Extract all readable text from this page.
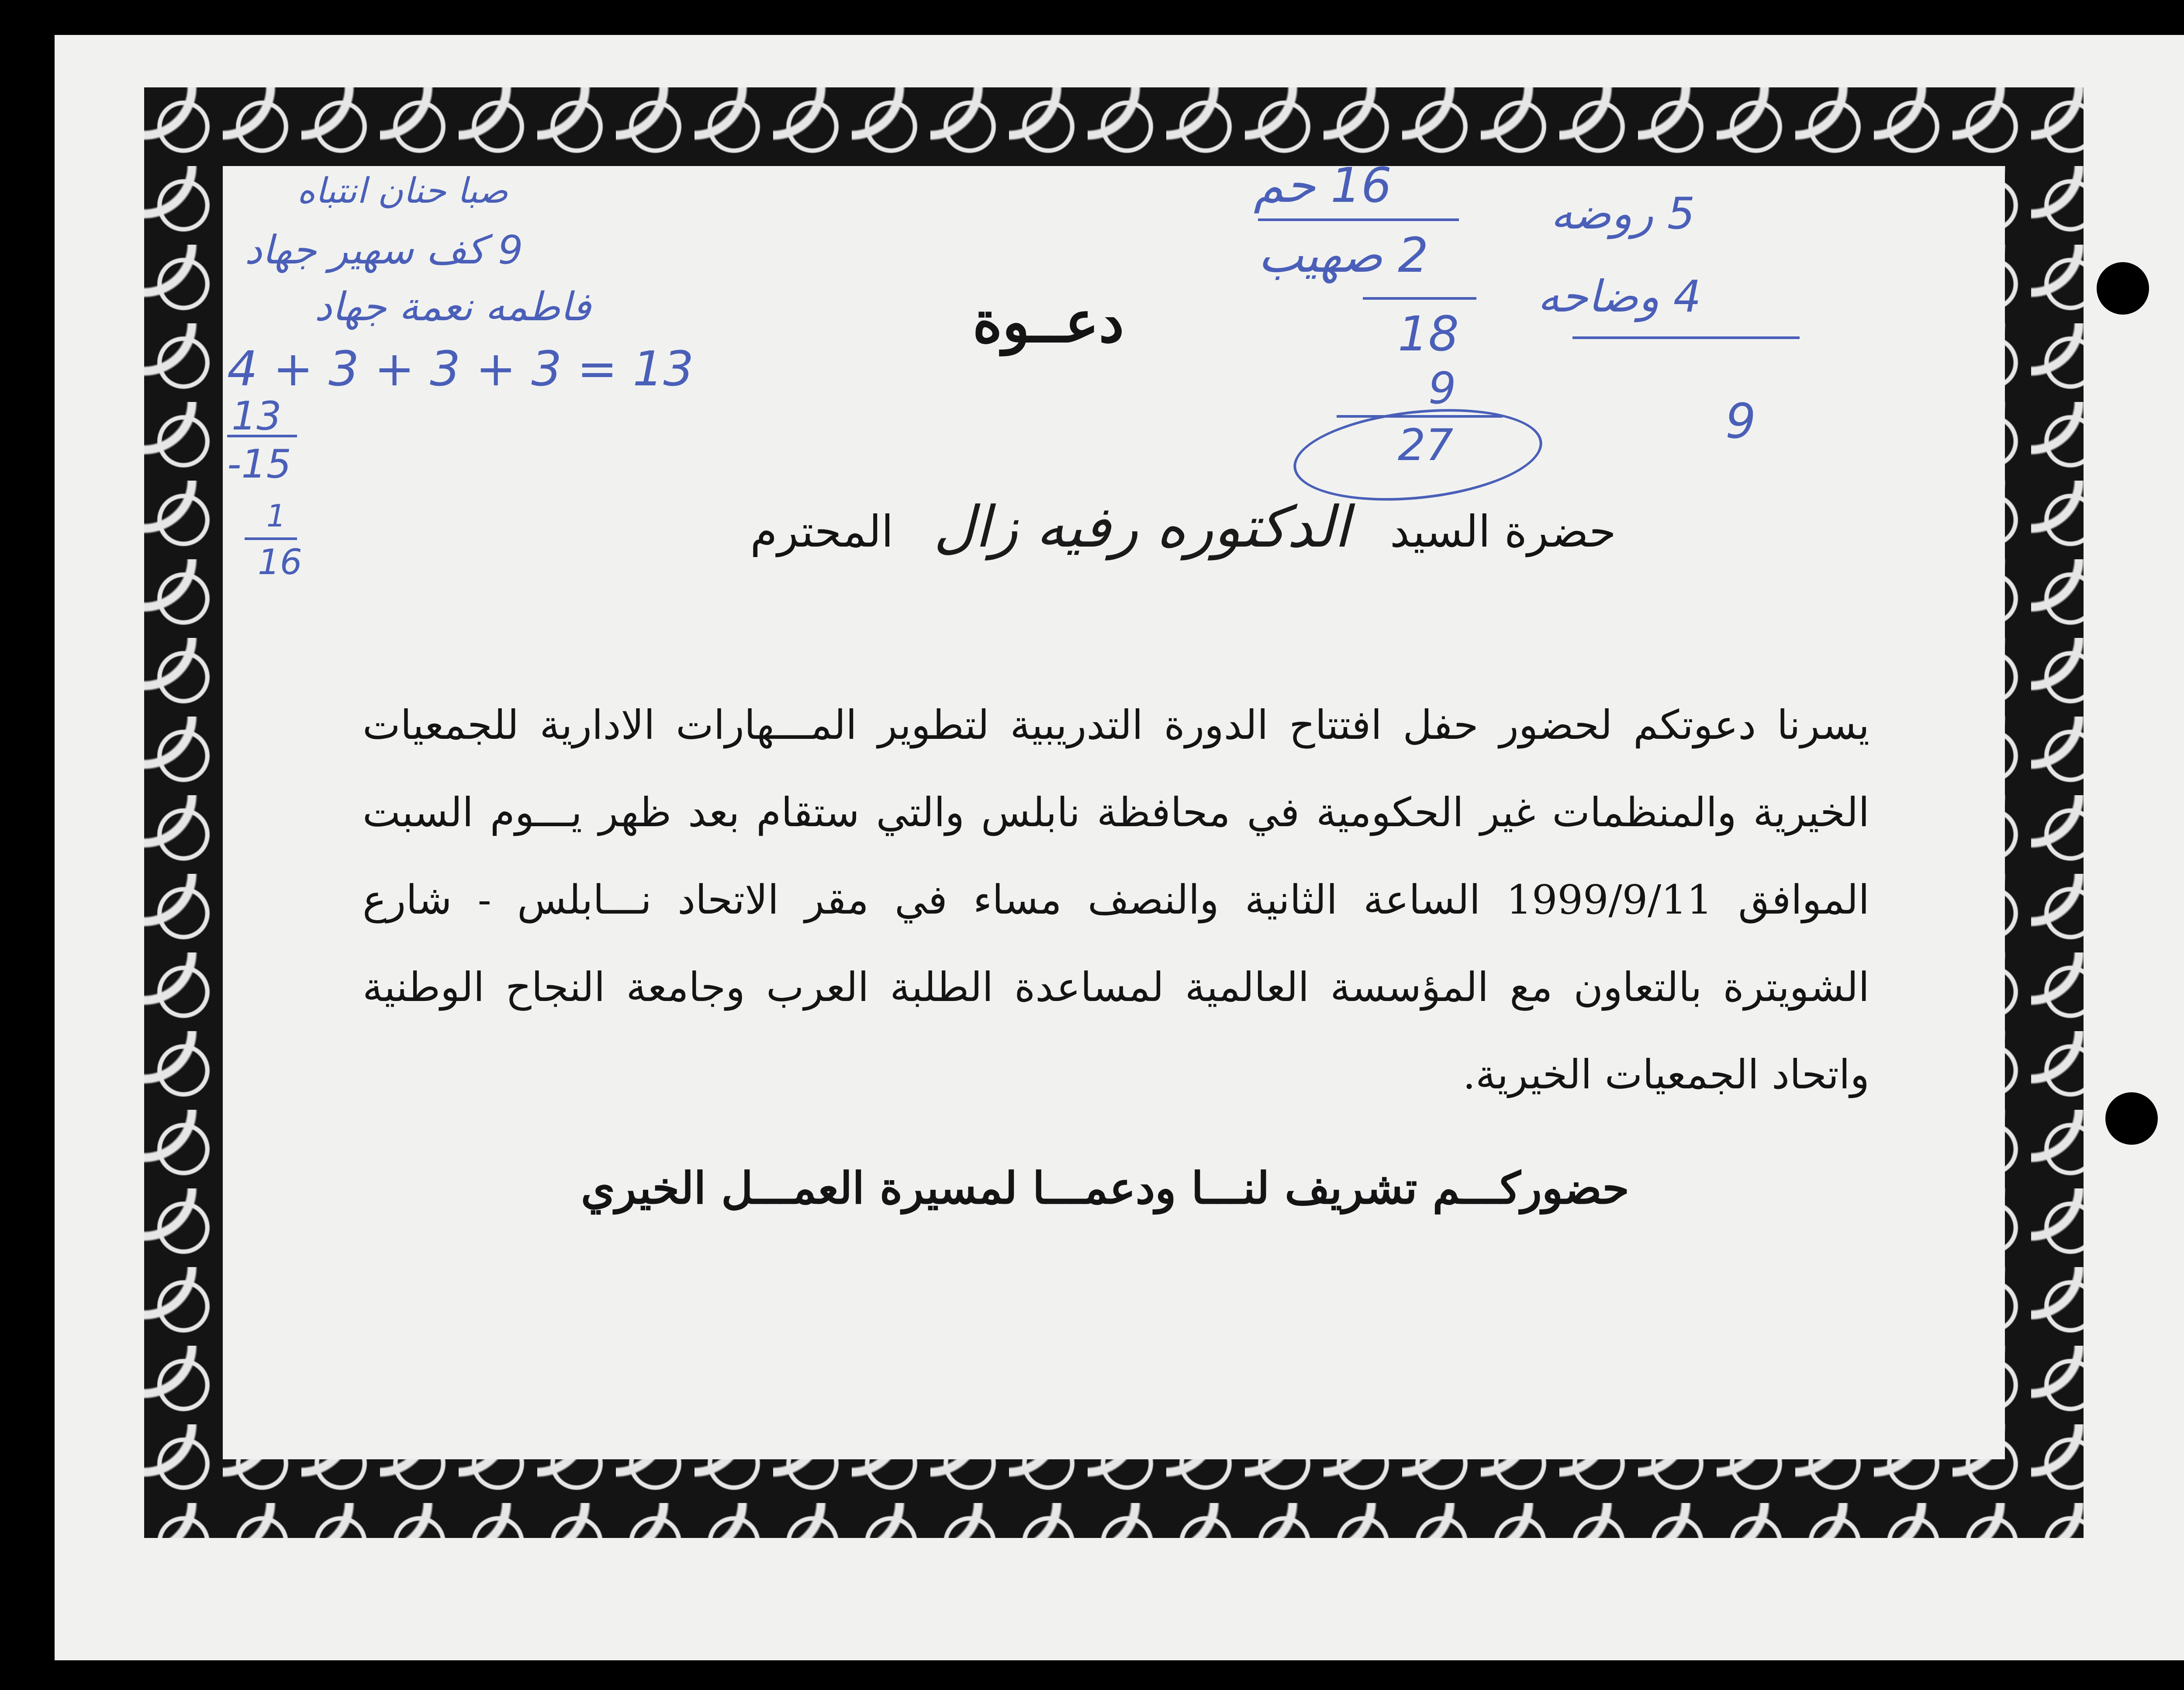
دعــوة
حضرة السيد الدكتوره رفيه زال المحترم

يسرنا دعوتكم لحضور حفل افتتاح الدورة التدريبية لتطوير المـــهارات الادارية للجمعيات الخيرية والمنظمات غير الحكومية في محافظة نابلس والتي ستقام بعد ظهر يـــوم السبت الموافق 1999/9/11 الساعة الثانية والنصف مساء في مقر الاتحاد نـــابلس - شارع الشويترة بالتعاون مع المؤسسة العالمية لمساعدة الطلبة العرب وجامعة النجاح الوطنية واتحاد الجمعيات الخيرية.

حضوركـــم تشريف لنـــا ودعمـــا لمسيرة العمـــل الخيري
صبا حنان انتباه
9 كف سهير جهاد
فاطمه نعمة جهاد
4 + 3 + 3 + 3 = 13
13
-15
1
16
16 حم
2 صهيب
18
9
27
5 روضه
4 وضاحه
9
